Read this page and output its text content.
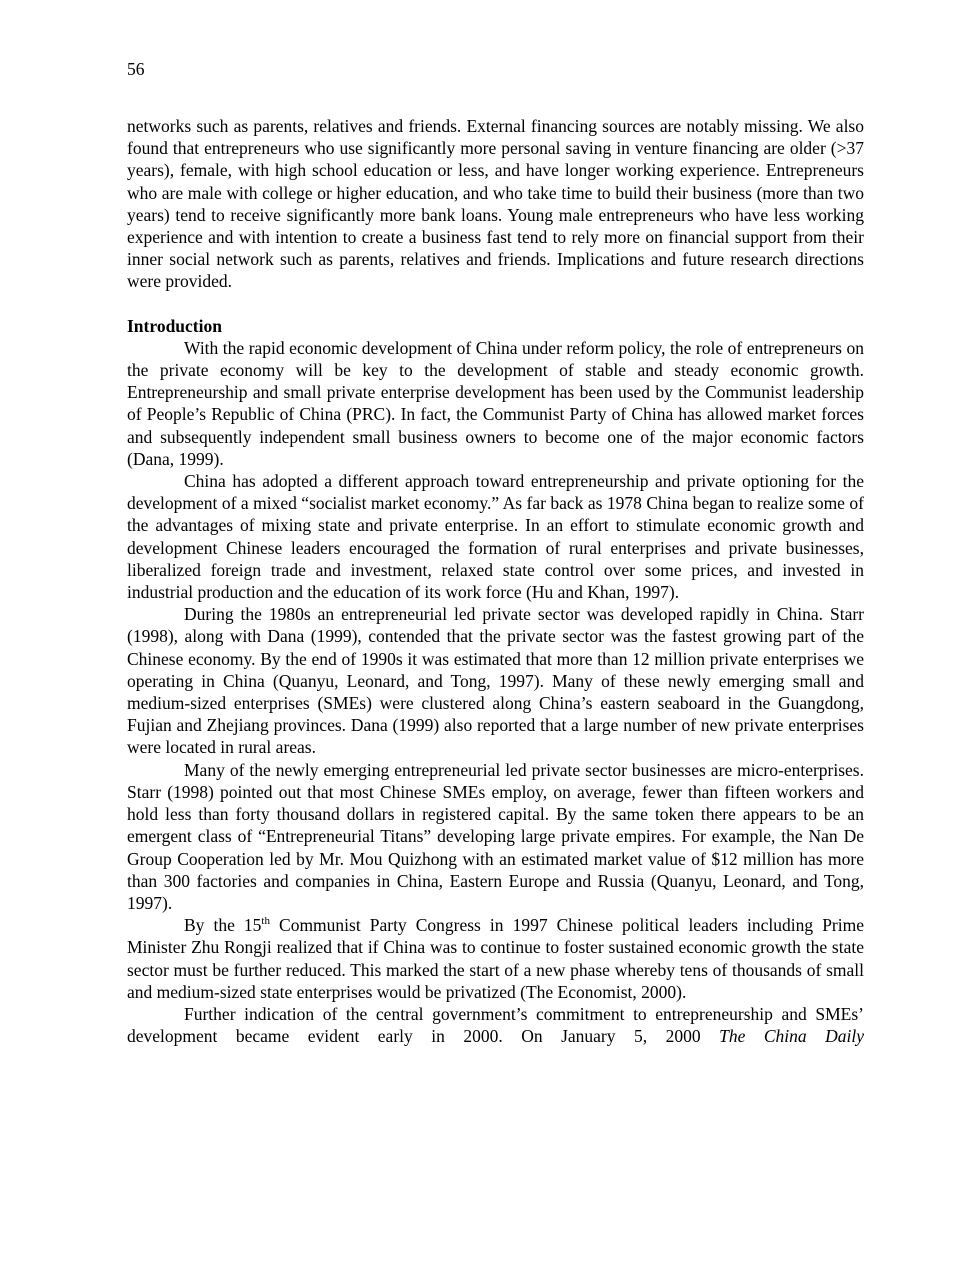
56

networks such as parents, relatives and friends. External financing sources are notably missing. We also found that entrepreneurs who use significantly more personal saving in venture financing are older (>37 years), female, with high school education or less, and have longer working experience. Entrepreneurs who are male with college or higher education, and who take time to build their business (more than two years) tend to receive significantly more bank loans. Young male entrepreneurs who have less working experience and with intention to create a business fast tend to rely more on financial support from their inner social network such as parents, relatives and friends. Implications and future research directions were provided.

Introduction

With the rapid economic development of China under reform policy, the role of entrepreneurs on the private economy will be key to the development of stable and steady economic growth. Entrepreneurship and small private enterprise development has been used by the Communist leadership of People’s Republic of China (PRC). In fact, the Communist Party of China has allowed market forces and subsequently independent small business owners to become one of the major economic factors (Dana, 1999).

China has adopted a different approach toward entrepreneurship and private optioning for the development of a mixed “socialist market economy.” As far back as 1978 China began to realize some of the advantages of mixing state and private enterprise. In an effort to stimulate economic growth and development Chinese leaders encouraged the formation of rural enterprises and private businesses, liberalized foreign trade and investment, relaxed state control over some prices, and invested in industrial production and the education of its work force (Hu and Khan, 1997).

During the 1980s an entrepreneurial led private sector was developed rapidly in China. Starr (1998), along with Dana (1999), contended that the private sector was the fastest growing part of the Chinese economy. By the end of 1990s it was estimated that more than 12 million private enterprises we operating in China (Quanyu, Leonard, and Tong, 1997). Many of these newly emerging small and medium-sized enterprises (SMEs) were clustered along China’s eastern seaboard in the Guangdong, Fujian and Zhejiang provinces. Dana (1999) also reported that a large number of new private enterprises were located in rural areas.

Many of the newly emerging entrepreneurial led private sector businesses are micro-enterprises. Starr (1998) pointed out that most Chinese SMEs employ, on average, fewer than fifteen workers and hold less than forty thousand dollars in registered capital. By the same token there appears to be an emergent class of “Entrepreneurial Titans” developing large private empires. For example, the Nan De Group Cooperation led by Mr. Mou Quizhong with an estimated market value of $12 million has more than 300 factories and companies in China, Eastern Europe and Russia (Quanyu, Leonard, and Tong, 1997).

By the 15th Communist Party Congress in 1997 Chinese political leaders including Prime Minister Zhu Rongji realized that if China was to continue to foster sustained economic growth the state sector must be further reduced. This marked the start of a new phase whereby tens of thousands of small and medium-sized state enterprises would be privatized (The Economist, 2000).

Further indication of the central government’s commitment to entrepreneurship and SMEs’ development became evident early in 2000. On January 5, 2000 The China Daily
